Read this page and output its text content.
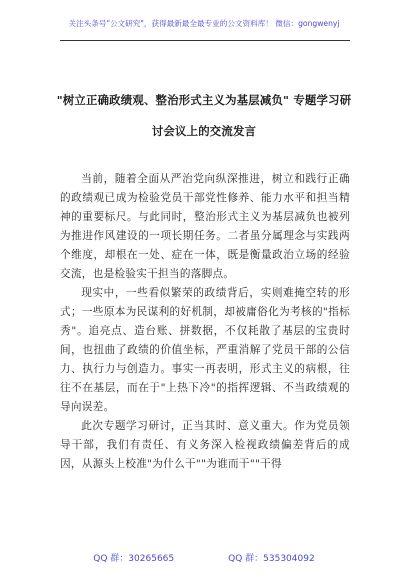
关注头条号"公文研究"，获得最新最全最专业的公文资料库！ 微信：gongwenyj
"树立正确政绩观、整治形式主义为基层减负" 专题学习研
讨会议上的交流发言

当前，随着全面从严治党向纵深推进，树立和践行正确的政绩观已成为检验党员干部党性修养、能力水平和担当精神的重要标尺。与此同时，整治形式主义为基层减负也被列为推进作风建设的一项长期任务。二者虽分属理念与实践两个维度，却根在一处、症在一体，既是衡量政治立场的经验交流，也是检验实干担当的落脚点。

现实中，一些看似繁荣的政绩背后，实则难掩空转的形式；一些原本为民谋利的好机制，却被庸俗化为考核的"指标秀"。追亮点、造台账、拼数据，不仅耗散了基层的宝贵时间，也扭曲了政绩的价值坐标，严重消解了党员干部的公信力、执行力与创造力。事实一再表明，形式主义的病根，往往不在基层，而在于"上热下冷"的指挥逻辑、不当政绩观的导向误差。

此次专题学习研讨，正当其时、意义重大。作为党员领导干部，我们有责任、有义务深入检视政绩偏差背后的成因，从源头上校准"为什么干""为谁而干""干得

QQ 群：30265665	QQ 群：535304092
